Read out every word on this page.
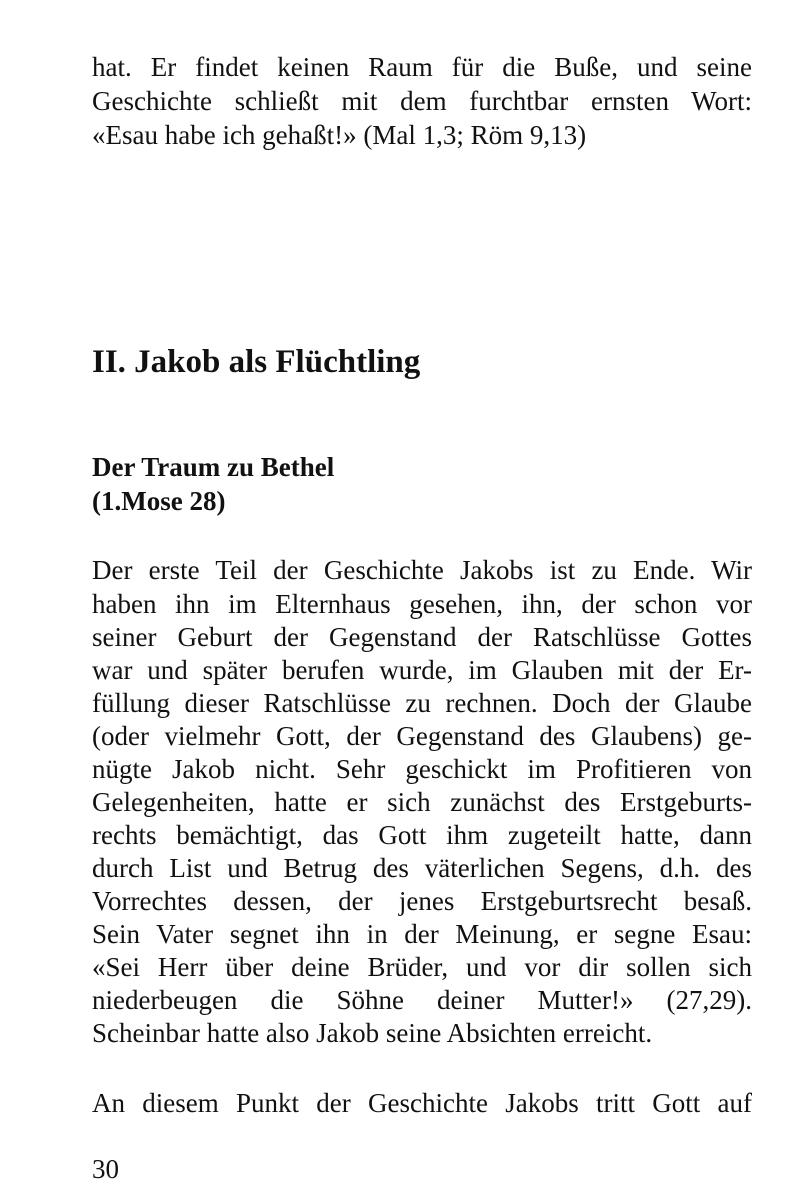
hat. Er findet keinen Raum für die Buße, und seine
Geschichte schließt mit dem furchtbar ernsten Wort:
«Esau habe ich gehaßt!» (Mal 1,3; Röm 9,13)
II. Jakob als Flüchtling
Der Traum zu Bethel
(1.Mose 28)
Der erste Teil der Geschichte Jakobs ist zu Ende. Wir
haben ihn im Elternhaus gesehen, ihn, der schon vor
seiner Geburt der Gegenstand der Ratschlüsse Gottes
war und später berufen wurde, im Glauben mit der Er-
füllung dieser Ratschlüsse zu rechnen. Doch der Glaube
(oder vielmehr Gott, der Gegenstand des Glaubens) ge-
nügte Jakob nicht. Sehr geschickt im Profitieren von
Gelegenheiten, hatte er sich zunächst des Erstgeburts-
rechts bemächtigt, das Gott ihm zugeteilt hatte, dann
durch List und Betrug des väterlichen Segens, d.h. des
Vorrechtes dessen, der jenes Erstgeburtsrecht besaß.
Sein Vater segnet ihn in der Meinung, er segne Esau:
«Sei Herr über deine Brüder, und vor dir sollen sich
niederbeugen die Söhne deiner Mutter!» (27,29).
Scheinbar hatte also Jakob seine Absichten erreicht.
An diesem Punkt der Geschichte Jakobs tritt Gott auf
30
